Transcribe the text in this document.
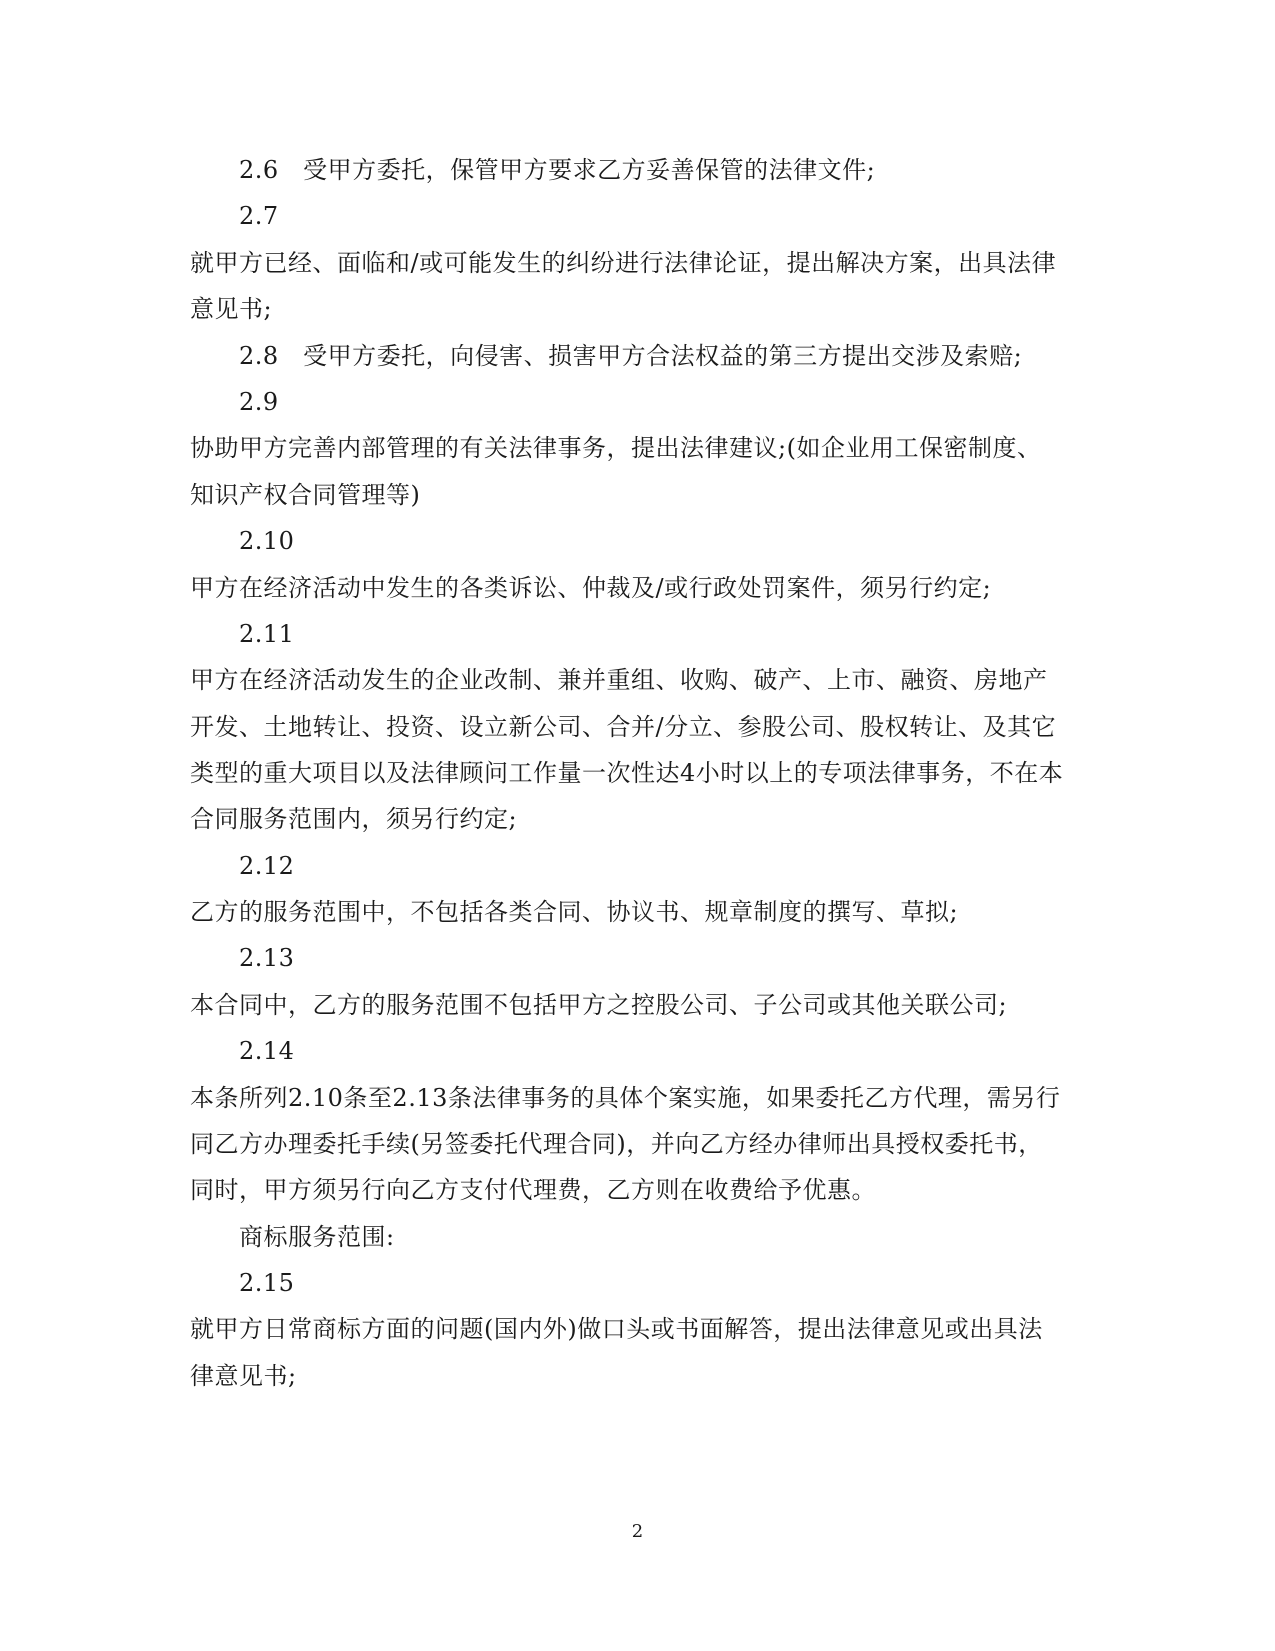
2.6　受甲方委托，保管甲方要求乙方妥善保管的法律文件;
2.7
就甲方已经、面临和/或可能发生的纠纷进行法律论证，提出解决方案，出具法律
意见书;
2.8　受甲方委托，向侵害、损害甲方合法权益的第三方提出交涉及索赔;
2.9
协助甲方完善内部管理的有关法律事务，提出法律建议;(如企业用工保密制度、
知识产权合同管理等)
2.10
甲方在经济活动中发生的各类诉讼、仲裁及/或行政处罚案件，须另行约定;
2.11
甲方在经济活动发生的企业改制、兼并重组、收购、破产、上市、融资、房地产
开发、土地转让、投资、设立新公司、合并/分立、参股公司、股权转让、及其它
类型的重大项目以及法律顾问工作量一次性达4小时以上的专项法律事务，不在本
合同服务范围内，须另行约定;
2.12
乙方的服务范围中，不包括各类合同、协议书、规章制度的撰写、草拟;
2.13
本合同中，乙方的服务范围不包括甲方之控股公司、子公司或其他关联公司;
2.14
本条所列2.10条至2.13条法律事务的具体个案实施，如果委托乙方代理，需另行
同乙方办理委托手续(另签委托代理合同)，并向乙方经办律师出具授权委托书，
同时，甲方须另行向乙方支付代理费，乙方则在收费给予优惠。
商标服务范围:
2.15
就甲方日常商标方面的问题(国内外)做口头或书面解答，提出法律意见或出具法
律意见书;
2
